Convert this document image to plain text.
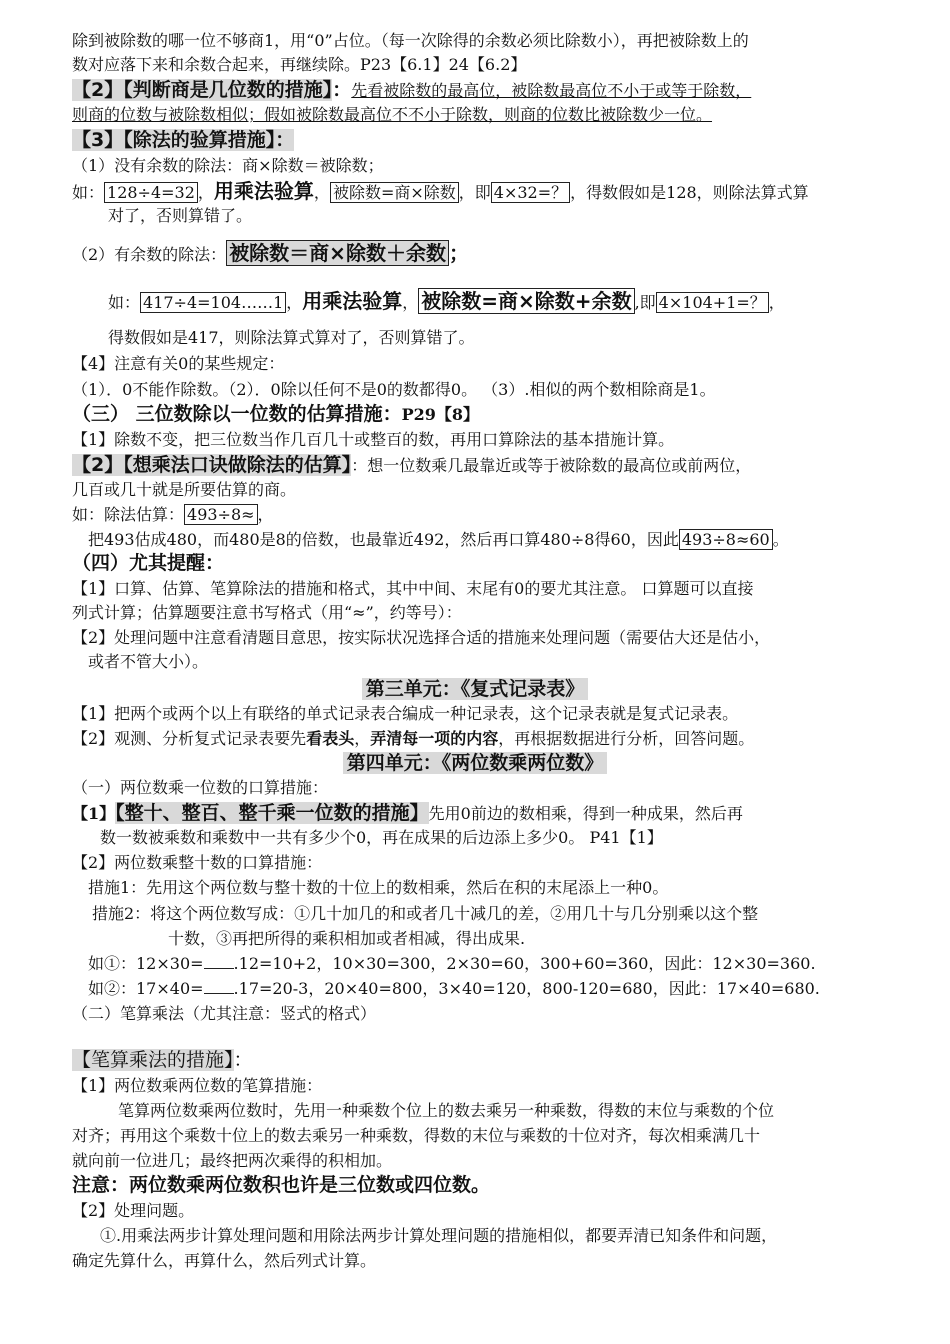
除到被除数的哪一位不够商1，用“0”占位。（每一次除得的余数必须比除数小），再把被除数上的
数对应落下来和余数合起来，再继续除。P23【6.1】24【6.2】
【2】【判断商是几位数的措施】：先看被除数的最高位，被除数最高位不小于或等于除数，
则商的位数与被除数相似；假如被除数最高位不不小于除数，则商的位数比被除数少一位。
【3】【除法的验算措施】：
（1）没有余数的除法：商×除数＝被除数；
如： 128÷4=32 ，用乘法验算， 被除数=商×除数 ，即 4×32=？ ，得数假如是128，则除法算式算
对了，否则算错了。
（2）有余数的除法： 被除数＝商×除数＋余数 ；
如： 417÷4=104……1 ，用乘法验算， 被除数=商×除数+余数 ,即 4×104+1=？ ，
得数假如是417，则除法算式算对了，否则算错了。
【4】注意有关0的某些规定：
（1）．0不能作除数。（2）．0除以任何不是0的数都得0。 （3）.相似的两个数相除商是1。
（三） 三位数除以一位数的估算措施：P29【8】
【1】除数不变，把三位数当作几百几十或整百的数，再用口算除法的基本措施计算。
【2】【想乘法口诀做除法的估算】：想一位数乘几最靠近或等于被除数的最高位或前两位，
几百或几十就是所要估算的商。
如：除法估算： 493÷8≈ ，
把493估成480，而480是8的倍数，也最靠近492，然后再口算480÷8得60，因此 493÷8≈60 。
（四）尤其提醒：
【1】口算、估算、笔算除法的措施和格式，其中中间、末尾有0的要尤其注意。 口算题可以直接
列式计算；估算题要注意书写格式（用“≈”，约等号）：
【2】处理问题中注意看清题目意思，按实际状况选择合适的措施来处理问题（需要估大还是估小，
或者不管大小）。
第三单元：《复式记录表》
【1】把两个或两个以上有联络的单式记录表合编成一种记录表，这个记录表就是复式记录表。
【2】观测、分析复式记录表要先看表头，弄清每一项的内容，再根据数据进行分析，回答问题。
第四单元：《两位数乘两位数》
（一）两位数乘一位数的口算措施：
【1】【整十、整百、整千乘一位数的措施】先用0前边的数相乘，得到一种成果，然后再
数一数被乘数和乘数中一共有多少个0，再在成果的后边添上多少0。 P41【1】
【2】两位数乘整十数的口算措施：
措施1：先用这个两位数与整十数的十位上的数相乘，然后在积的末尾添上一种0。
措施2：将这个两位数写成：①几十加几的和或者几十减几的差，②用几十与几分别乘以这个整
十数，③再把所得的乘积相加或者相减，得出成果.
如①：12×30= .12=10+2，10×30=300，2×30=60，300+60=360，因此：12×30=360.
如②：17×40= .17=20-3，20×40=800，3×40=120，800-120=680，因此：17×40=680.
（二）笔算乘法（尤其注意：竖式的格式）
【笔算乘法的措施】：
【1】两位数乘两位数的笔算措施：
笔算两位数乘两位数时，先用一种乘数个位上的数去乘另一种乘数，得数的末位与乘数的个位
对齐；再用这个乘数十位上的数去乘另一种乘数，得数的末位与乘数的十位对齐，每次相乘满几十
就向前一位进几；最终把两次乘得的积相加。
注意：两位数乘两位数积也许是三位数或四位数。
【2】处理问题。
①.用乘法两步计算处理问题和用除法两步计算处理问题的措施相似，都要弄清已知条件和问题，
确定先算什么，再算什么，然后列式计算。
